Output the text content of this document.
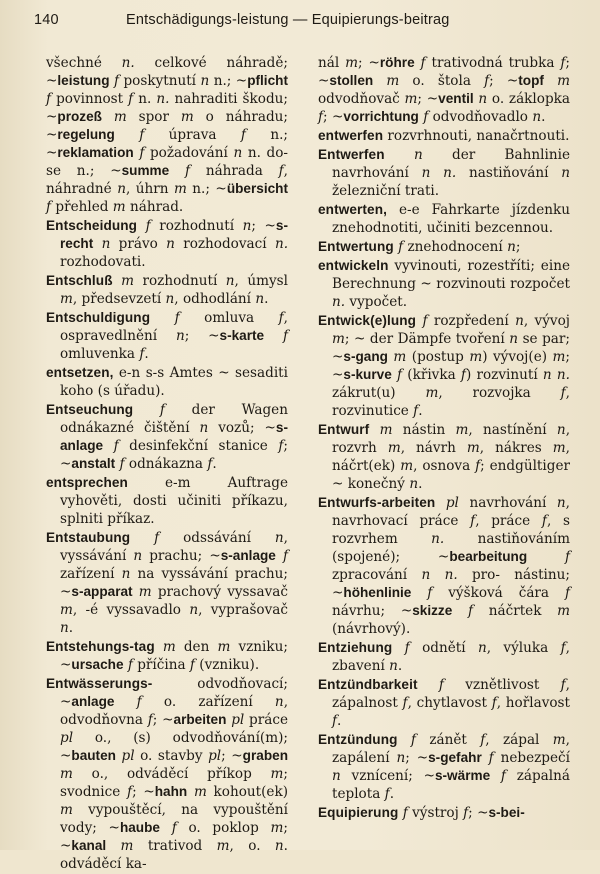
140	Entschädigungs-leistung — Equipierungs-beitrag

všechné n. celkové náhradě; ~leistung f poskytnutí n n.; ~pflicht f povinnost f n. n. nahraditi škodu; ~prozeß m spor m o náhradu; ~regelung f úprava f n.; ~reklamation f požadování n n. do- se n.; ~summe f náhrada f, náhradné n, úhrn m n.; ~übersicht f přehled m náhrad.

Entscheidung f rozhodnutí n; ~s-recht n právo n rozhodovací n. rozhodovati.

Entschluß m rozhodnutí n, úmysl m, předsevzetí n, odhodlání n.

Entschuldigung f omluva f, ospravedlnění n; ~s-karte f omluvenka f.

entsetzen, e-n s-s Amtes ~ sesaditi koho (s úřadu).

Entseuchung f der Wagen odnákazné čištění n vozů; ~s-anlage f desinfekční stanice f; ~anstalt f odnákazna f.

entsprechen e-m Auftrage vyhověti, dosti učiniti příkazu, splniti příkaz.

Entstaubung f odssávání n, vyssávání n prachu; ~s-anlage f zařízení n na vyssávání prachu; ~s-apparat m prachový vyssavač m, -é vyssavadlo n, vyprašovač n.

Entstehungs-tag m den m vzniku; ~ursache f příčina f (vzniku).

Entwässerungs- odvodňovací; ~anlage f o. zařízení n, odvodňovna f; ~arbeiten pl práce pl o., (s) odvodňování(m); ~bauten pl o. stavby pl; ~graben m o., odváděcí příkop m; svodnice f; ~hahn m kohout(ek) m vypouštěcí, na vypouštění vody; ~haube f o. poklop m; ~kanal m trativod m, o. n. odváděcí ka-

nál m; ~röhre f trativodná trubka f; ~stollen m o. štola f; ~topf m odvodňovač m; ~ventil n o. záklopka f; ~vorrichtung f odvodňovadlo n.

entwerfen rozvrhnouti, nanačrtnouti.

Entwerfen n der Bahnlinie navrhování n n. nastiňování n železniční trati.

entwerten, e-e Fahrkarte jízdenku znehodnotiti, učiniti bezcennou.

Entwertung f znehodnocení n;

entwickeln vyvinouti, rozestříti; eine Berechnung ~ rozvinouti rozpočet n. vypočet.

Entwick(e)lung f rozpředení n, vývoj m; ~ der Dämpfe tvoření n se par; ~s-gang m (postup m) vývoj(e) m; ~s-kurve f (křivka f) rozvinutí n n. zákrut(u) m, rozvojka f, rozvinutice f.

Entwurf m nástin m, nastínění n, rozvrh m, návrh m, nákres m, náčrt(ek) m, osnova f; endgültiger ~ konečný n.

Entwurfs-arbeiten pl navrhování n, navrhovací práce f, práce f, s rozvrhem n. nastiňováním (spojené); ~bearbeitung	f zpracování n n. pro- nástinu; ~höhenlinie f výšková čára f návrhu; ~skizze f náčrtek m (návrhový).

Entziehung f odnětí n, výluka f, zbavení n.

Entzündbarkeit f vznětlivost f, zápalnost f, chytlavost f, hořlavost f.

Entzündung f zánět f, zápal m, zapálení n; ~s-gefahr f nebezpečí n vznícení; ~s-wärme f zápalná teplota f.

Equipierung f výstroj f; ~s-bei-
